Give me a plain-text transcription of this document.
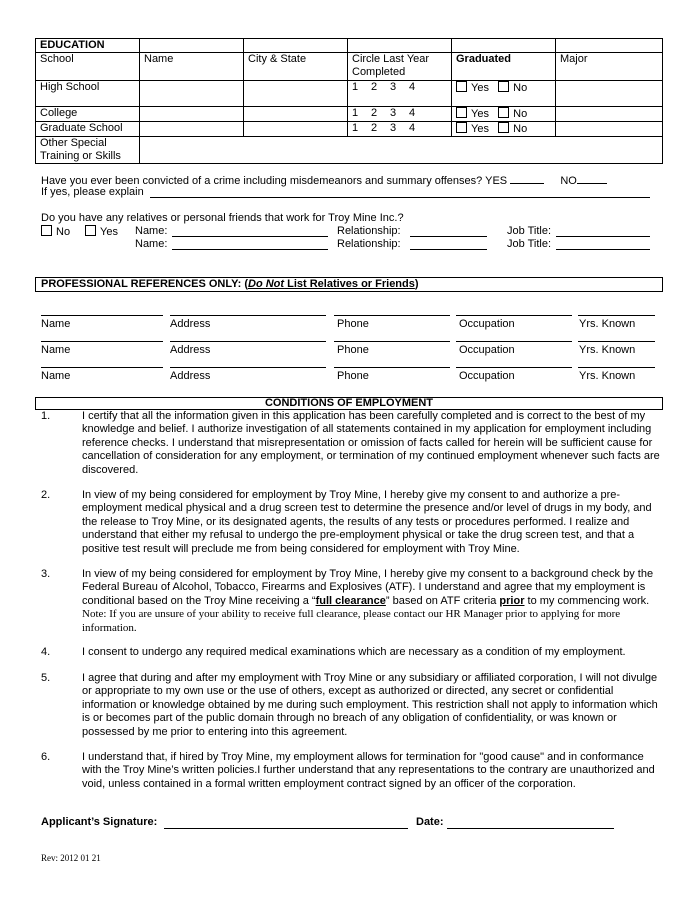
EDUCATION					
School	Name	City & State	Circle Last Year Completed	Graduated	Major
High School			1 2 3 4	Yes No	
College			1 2 3 4	Yes No	
Graduate School			1 2 3 4	Yes No	
Other Special Training or Skills					
Have you ever been convicted of a crime including misdemeanors and summary offenses? YES	NO
If yes, please explain
Do you have any relatives or personal friends that work for Troy Mine Inc.?
No	Yes Name:	Relationship:	Job Title:
Name:	Relationship:	Job Title:
PROFESSIONAL REFERENCES ONLY: (Do Not List Relatives or Friends)
Name	Address	Phone	Occupation	Yrs. Known
Name	Address	Phone	Occupation	Yrs. Known
Name	Address	Phone	Occupation	Yrs. Known
CONDITIONS OF EMPLOYMENT
1.	I certify that all the information given in this application has been carefully completed and is correct to the best of my knowledge and belief. I authorize investigation of all statements contained in my application for employment including reference checks. I understand that misrepresentation or omission of facts called for herein will be sufficient cause for cancellation of consideration for any employment, or termination of my continued employment whenever such facts are discovered.
2.	In view of my being considered for employment by Troy Mine, I hereby give my consent to and authorize a pre-employment medical physical and a drug screen test to determine the presence and/or level of drugs in my body, and the release to Troy Mine, or its designated agents, the results of any tests or procedures performed. I realize and understand that either my refusal to undergo the pre-employment physical or take the drug screen test, and that a positive test result will preclude me from being considered for employment with Troy Mine.
3.	In view of my being considered for employment by Troy Mine, I hereby give my consent to a background check by the Federal Bureau of Alcohol, Tobacco, Firearms and Explosives (ATF). I understand and agree that my employment is conditional based on the Troy Mine receiving a “full clearance” based on ATF criteria prior to my commencing work. Note: If you are unsure of your ability to receive full clearance, please contact our HR Manager prior to applying for more information.
4.	I consent to undergo any required medical examinations which are necessary as a condition of my employment.
5.	I agree that during and after my employment with Troy Mine or any subsidiary or affiliated corporation, I will not divulge or appropriate to my own use or the use of others, except as authorized or directed, any secret or confidential information or knowledge obtained by me during such employment. This restriction shall not apply to information which is or becomes part of the public domain through no breach of any obligation of confidentiality, or was known or possessed by me prior to entering into this agreement.
6.	I understand that, if hired by Troy Mine, my employment allows for termination for "good cause" and in conformance with the Troy Mine’s written policies.I further understand that any representations to the contrary are unauthorized and void, unless contained in a formal written employment contract signed by an officer of the corporation.
Applicant’s Signature:	Date:
Rev: 2012 01 21
